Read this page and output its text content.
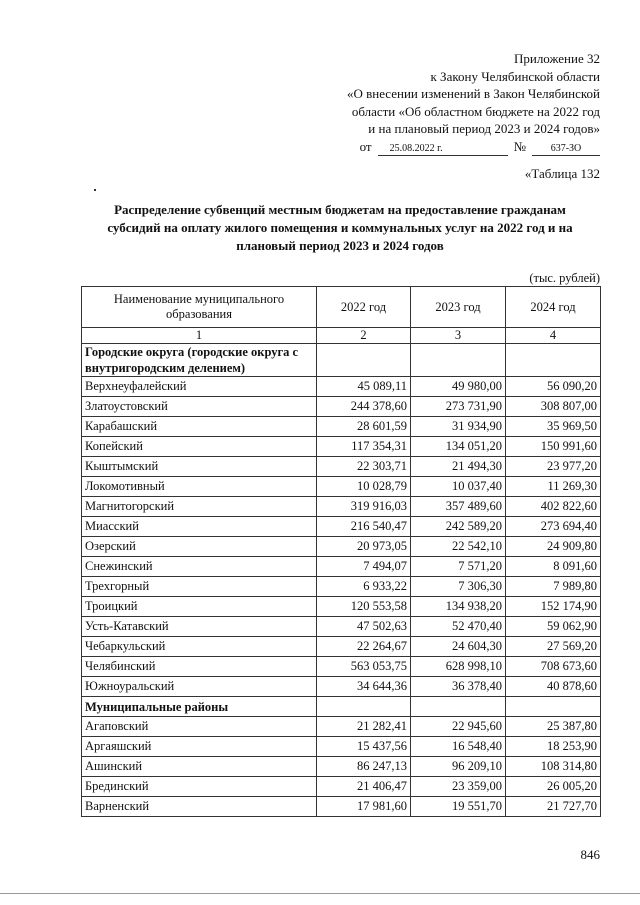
Приложение 32
к Закону Челябинской области
«О внесении изменений в Закон Челябинской
области «Об областном бюджете на 2022 год
и на плановый период 2023 и 2024 годов»
от	25.08.2022 г.	№	637-ЗО
«Таблица 132
Распределение субвенций местным бюджетам на предоставление гражданам
субсидий на оплату жилого помещения и коммунальных услуг на 2022 год и на
плановый период 2023 и 2024 годов
(тыс. рублей)
Наименование муниципального образования	2022 год	2023 год	2024 год
1	2	3	4
Городские округа (городские округа с внутригородским делением)			
Верхнеуфалейский	45 089,11	49 980,00	56 090,20
Златоустовский	244 378,60	273 731,90	308 807,00
Карабашский	28 601,59	31 934,90	35 969,50
Копейский	117 354,31	134 051,20	150 991,60
Кыштымский	22 303,71	21 494,30	23 977,20
Локомотивный	10 028,79	10 037,40	11 269,30
Магнитогорский	319 916,03	357 489,60	402 822,60
Миасский	216 540,47	242 589,20	273 694,40
Озерский	20 973,05	22 542,10	24 909,80
Снежинский	7 494,07	7 571,20	8 091,60
Трехгорный	6 933,22	7 306,30	7 989,80
Троицкий	120 553,58	134 938,20	152 174,90
Усть-Катавский	47 502,63	52 470,40	59 062,90
Чебаркульский	22 264,67	24 604,30	27 569,20
Челябинский	563 053,75	628 998,10	708 673,60
Южноуральский	34 644,36	36 378,40	40 878,60
Муниципальные районы			
Агаповский	21 282,41	22 945,60	25 387,80
Аргаяшский	15 437,56	16 548,40	18 253,90
Ашинский	86 247,13	96 209,10	108 314,80
Брединский	21 406,47	23 359,00	26 005,20
Варненский	17 981,60	19 551,70	21 727,70
846
